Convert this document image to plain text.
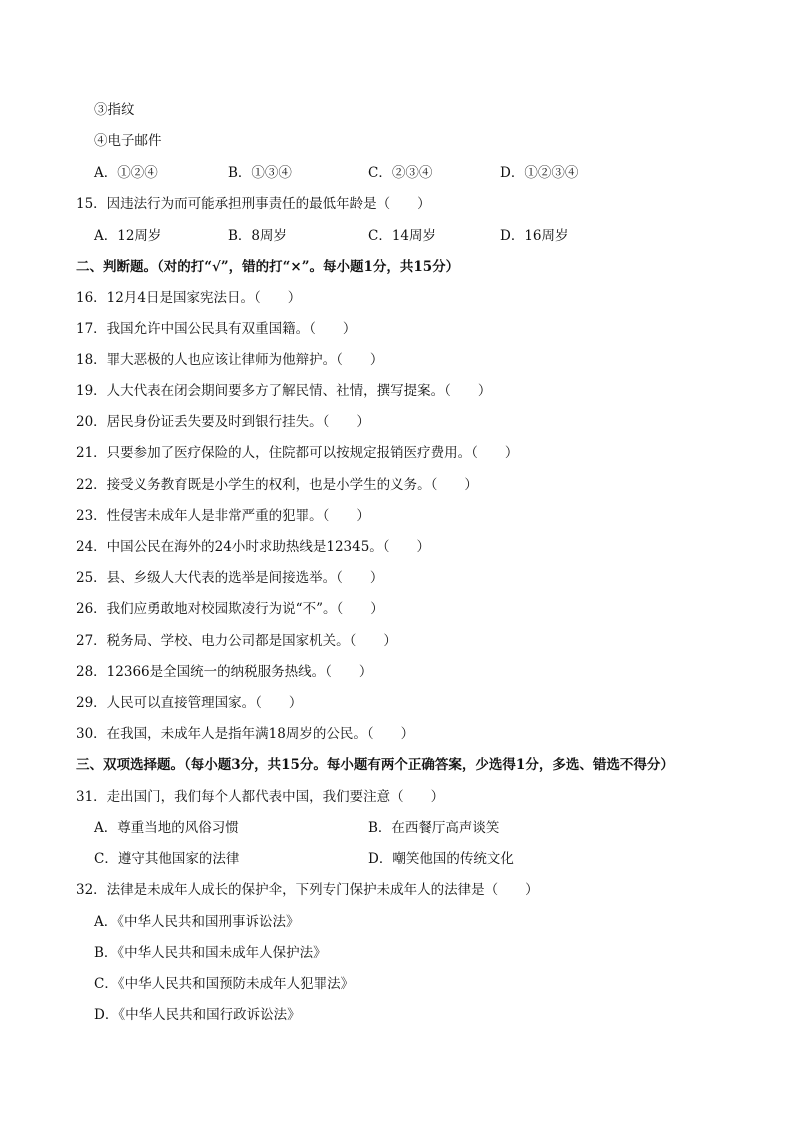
③指纹
④电子邮件
A．①②④	B．①③④	C．②③④	D．①②③④
15．因违法行为而可能承担刑事责任的最低年龄是（　　）
A．12周岁	B．8周岁	C．14周岁	D．16周岁
二、判断题。（对的打“√”，错的打“×”。每小题1分，共15分）
16．12月4日是国家宪法日。（　　）
17．我国允许中国公民具有双重国籍。（　　）
18．罪大恶极的人也应该让律师为他辩护。（　　）
19．人大代表在闭会期间要多方了解民情、社情，撰写提案。（　　）
20．居民身份证丢失要及时到银行挂失。（　　）
21．只要参加了医疗保险的人，住院都可以按规定报销医疗费用。（　　）
22．接受义务教育既是小学生的权利，也是小学生的义务。（　　）
23．性侵害未成年人是非常严重的犯罪。（　　）
24．中国公民在海外的24小时求助热线是12345。（　　）
25．县、乡级人大代表的选举是间接选举。（　　）
26．我们应勇敢地对校园欺凌行为说“不”。（　　）
27．税务局、学校、电力公司都是国家机关。（　　）
28．12366是全国统一的纳税服务热线。（　　）
29．人民可以直接管理国家。（　　）
30．在我国，未成年人是指年满18周岁的公民。（　　）
三、双项选择题。（每小题3分，共15分。每小题有两个正确答案，少选得1分，多选、错选不得分）
31．走出国门，我们每个人都代表中国，我们要注意（　　）
A．尊重当地的风俗习惯	B．在西餐厅高声谈笑
C．遵守其他国家的法律	D．嘲笑他国的传统文化
32．法律是未成年人成长的保护伞，下列专门保护未成年人的法律是（　　）
A．《中华人民共和国刑事诉讼法》
B．《中华人民共和国未成年人保护法》
C．《中华人民共和国预防未成年人犯罪法》
D．《中华人民共和国行政诉讼法》
